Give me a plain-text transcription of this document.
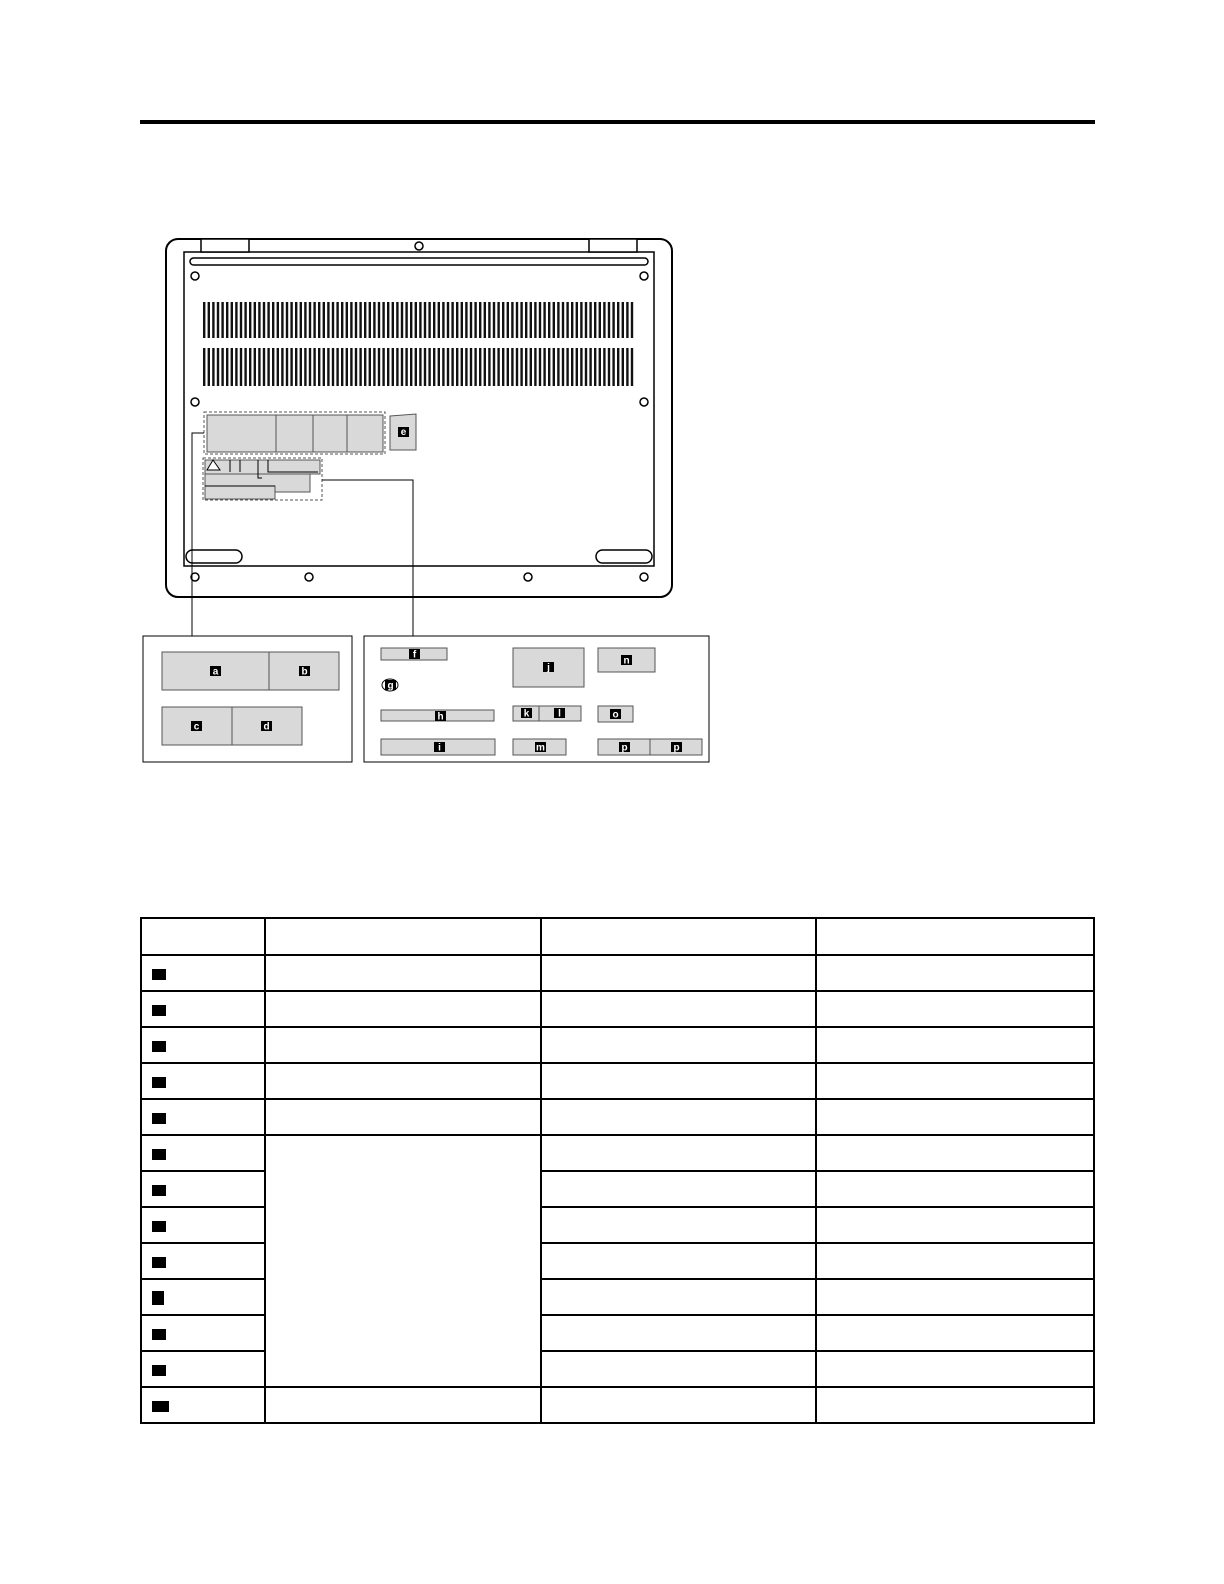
e
a	b
c	d
f
g
h
i
j
k	l
m
n
o
p	p
